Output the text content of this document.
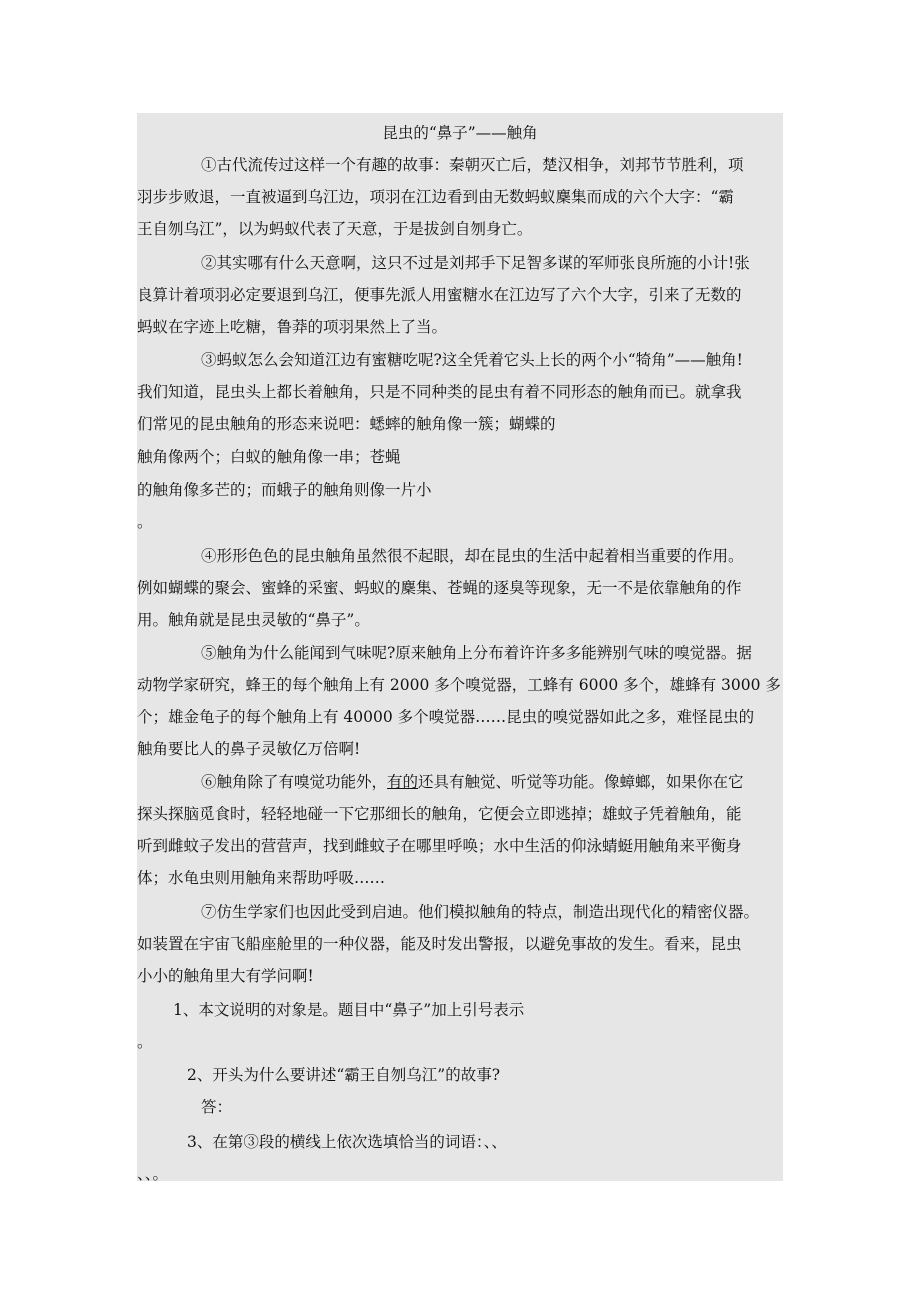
昆虫的“鼻子”——触角
①古代流传过这样一个有趣的故事：秦朝灭亡后，楚汉相争，刘邦节节胜利，项
羽步步败退，一直被逼到乌江边，项羽在江边看到由无数蚂蚁麇集而成的六个大字：“霸
王自刎乌江”，以为蚂蚁代表了天意，于是拔剑自刎身亡。
②其实哪有什么天意啊，这只不过是刘邦手下足智多谋的军师张良所施的小计!张
良算计着项羽必定要退到乌江，便事先派人用蜜糖水在江边写了六个大字，引来了无数的
蚂蚁在字迹上吃糖，鲁莽的项羽果然上了当。
③蚂蚁怎么会知道江边有蜜糖吃呢?这全凭着它头上长的两个小“犄角”——触角!
我们知道，昆虫头上都长着触角，只是不同种类的昆虫有着不同形态的触角而已。就拿我
们常见的昆虫触角的形态来说吧：蟋蟀的触角像一簇；蝴蝶的
触角像两个；白蚁的触角像一串；苍蝇
的触角像多芒的；而蛾子的触角则像一片小
。
④形形色色的昆虫触角虽然很不起眼，却在昆虫的生活中起着相当重要的作用。
例如蝴蝶的聚会、蜜蜂的采蜜、蚂蚁的麇集、苍蝇的逐臭等现象，无一不是依靠触角的作
用。触角就是昆虫灵敏的“鼻子”。
⑤触角为什么能闻到气味呢?原来触角上分布着许许多多能辨别气味的嗅觉器。据
动物学家研究，蜂王的每个触角上有 2000 多个嗅觉器，工蜂有 6000 多个，雄蜂有 3000 多
个；雄金龟子的每个触角上有 40000 多个嗅觉器……昆虫的嗅觉器如此之多，难怪昆虫的
触角要比人的鼻子灵敏亿万倍啊!
⑥触角除了有嗅觉功能外，有的还具有触觉、听觉等功能。像蟑螂，如果你在它
探头探脑觅食时，轻轻地碰一下它那细长的触角，它便会立即逃掉；雄蚊子凭着触角，能
听到雌蚊子发出的营营声，找到雌蚊子在哪里呼唤；水中生活的仰泳蜻蜓用触角来平衡身
体；水龟虫则用触角来帮助呼吸……
⑦仿生学家们也因此受到启迪。他们模拟触角的特点，制造出现代化的精密仪器。
如装置在宇宙飞船座舱里的一种仪器，能及时发出警报，以避免事故的发生。看来，昆虫
小小的触角里大有学问啊!
1、本文说明的对象是。题目中“鼻子”加上引号表示
。
2、开头为什么要讲述“霸王自刎乌江”的故事?
答：
3、在第③段的横线上依次选填恰当的词语：、、
、、。
